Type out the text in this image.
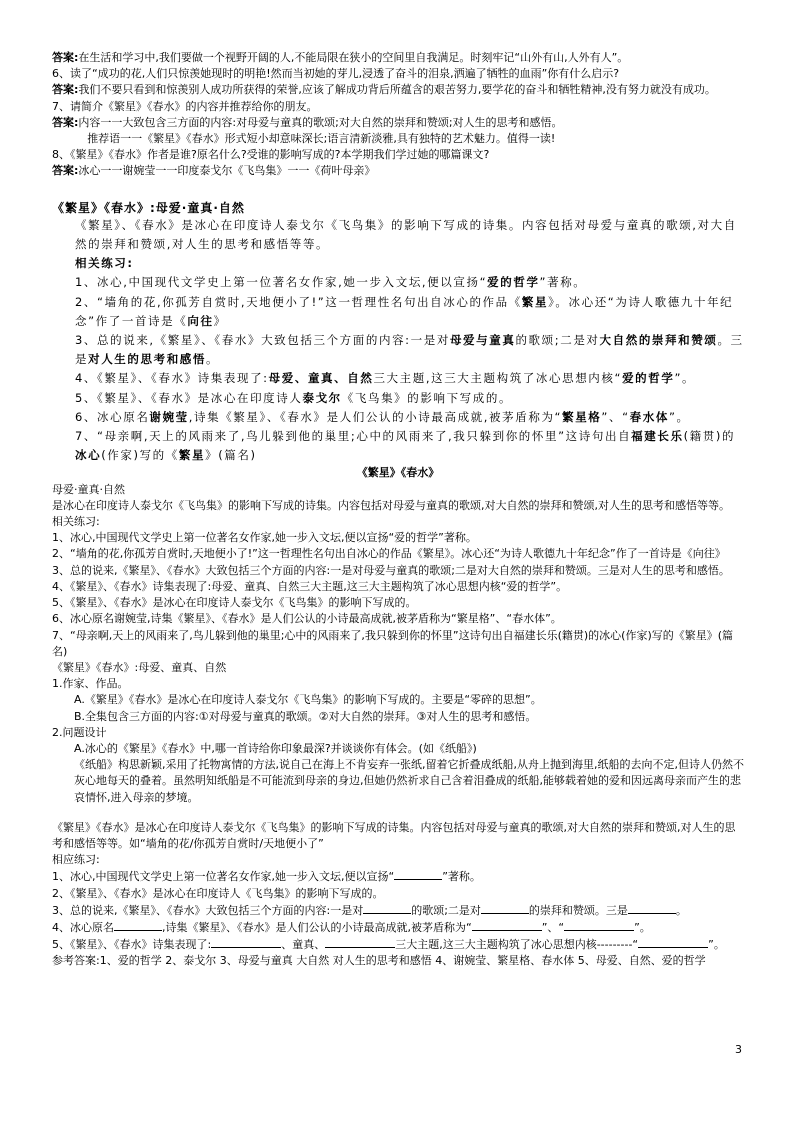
答案:在生活和学习中,我们要做一个视野开阔的人,不能局限在狭小的空间里自我满足。时刻牢记“山外有山,人外有人”。

6、读了“成功的花,人们只惊羡她现时的明艳!然而当初她的芽儿,浸透了奋斗的泪泉,洒遍了牺牲的血雨”你有什么启示?

答案:我们不要只看到和惊羡别人成功所获得的荣誉,应该了解成功背后所蕴含的艰苦努力,要学花的奋斗和牺牲精神,没有努力就没有成功。

7、请简介《繁星》《春水》的内容并推荐给你的朋友。

答案:内容一一大致包含三方面的内容:对母爱与童真的歌颂;对大自然的崇拜和赞颂;对人生的思考和感悟。

推荐语一一《繁星》《春水》形式短小却意味深长;语言清新淡雅,具有独特的艺术魅力。值得一读!

8、《繁星》《春水》作者是谁?原名什么?受谁的影响写成的?本学期我们学过她的哪篇课文?

答案:冰心一一谢婉莹一一印度泰戈尔《飞鸟集》一一《荷叶母亲》

《繁星》《春水》:母爱·童真·自然

《繁星》、《春水》是冰心在印度诗人泰戈尔《飞鸟集》的影响下写成的诗集。内容包括对母爱与童真的歌颂,对大自然的崇拜和赞颂,对人生的思考和感悟等等。

相关练习:

1、冰心,中国现代文学史上第一位著名女作家,她一步入文坛,便以宣扬“爱的哲学”著称。

2、“墙角的花,你孤芳自赏时,天地便小了!”这一哲理性名句出自冰心的作品《繁星》。冰心还“为诗人歌德九十年纪念”作了一首诗是《向往》

3、总的说来,《繁星》、《春水》大致包括三个方面的内容:一是对母爱与童真的歌颂;二是对大自然的崇拜和赞颂。三是对人生的思考和感悟。

4、《繁星》、《春水》诗集表现了:母爱、童真、自然三大主题,这三大主题构筑了冰心思想内核“爱的哲学”。

5、《繁星》、《春水》是冰心在印度诗人泰戈尔《飞鸟集》的影响下写成的。

6、冰心原名谢婉莹,诗集《繁星》、《春水》是人们公认的小诗最高成就,被茅盾称为“繁星格”、“春水体”。

7、“母亲啊,天上的风雨来了,鸟儿躲到他的巢里;心中的风雨来了,我只躲到你的怀里”这诗句出自福建长乐(籍贯)的冰心(作家)写的《繁星》(篇名)

《繁星》《春水》

母爱·童真·自然

是冰心在印度诗人泰戈尔《飞鸟集》的影响下写成的诗集。内容包括对母爱与童真的歌颂,对大自然的崇拜和赞颂,对人生的思考和感悟等等。

相关练习:

1、冰心,中国现代文学史上第一位著名女作家,她一步入文坛,便以宣扬“爱的哲学”著称。

2、“墙角的花,你孤芳自赏时,天地便小了!”这一哲理性名句出自冰心的作品《繁星》。冰心还“为诗人歌德九十年纪念”作了一首诗是《向往》

3、总的说来,《繁星》、《春水》大致包括三个方面的内容:一是对母爱与童真的歌颂;二是对大自然的崇拜和赞颂。三是对人生的思考和感悟。

4、《繁星》、《春水》诗集表现了:母爱、童真、自然三大主题,这三大主题构筑了冰心思想内核“爱的哲学”。

5、《繁星》、《春水》是冰心在印度诗人泰戈尔《飞鸟集》的影响下写成的。

6、冰心原名谢婉莹,诗集《繁星》、《春水》是人们公认的小诗最高成就,被茅盾称为“繁星格”、“春水体”。

7、“母亲啊,天上的风雨来了,鸟儿躲到他的巢里;心中的风雨来了,我只躲到你的怀里”这诗句出自福建长乐(籍贯)的冰心(作家)写的《繁星》(篇名)

《繁星》《春水》:母爱、童真、自然

1.作家、作品。

A.《繁星》《春水》是冰心在印度诗人泰戈尔《飞鸟集》的影响下写成的。主要是“零碎的思想”。

B.全集包含三方面的内容:①对母爱与童真的歌颂。②对大自然的崇拜。③对人生的思考和感悟。

2.问题设计

A.冰心的《繁星》《春水》中,哪一首诗给你印象最深?并谈谈你有体会。(如《纸船》)

《纸船》构思新颖,采用了托物寓情的方法,说自己在海上不肯妄弃一张纸,留着它折叠成纸船,从舟上抛到海里,纸船的去向不定,但诗人仍然不灰心地每天的叠着。虽然明知纸船是不可能流到母亲的身边,但她仍然祈求自己含着泪叠成的纸船,能够载着她的爱和因远离母亲而产生的悲哀情怀,进入母亲的梦境。

《繁星》《春水》是冰心在印度诗人泰戈尔《飞鸟集》的影响下写成的诗集。内容包括对母爱与童真的歌颂,对大自然的崇拜和赞颂,对人生的思考和感悟等等。如“墙角的花/你孤芳自赏时/天地便小了”

相应练习:

1、冰心,中国现代文学史上第一位著名女作家,她一步入文坛,便以宣扬“	”著称。

2、《繁星》、《春水》是冰心在印度诗人《飞鸟集》的影响下写成的。

3、总的说来,《繁星》、《春水》大致包括三个方面的内容:一是对	的歌颂;二是对	的崇拜和赞颂。三是	。

4、冰心原名	,诗集《繁星》、《春水》是人们公认的小诗最高成就,被茅盾称为“	”、“	”。

5、《繁星》、《春水》诗集表现了:	、童真、	三大主题,这三大主题构筑了冰心思想内核---------“	”。

参考答案:1、爱的哲学 2、泰戈尔 3、母爱与童真 大自然 对人生的思考和感悟 4、谢婉莹、繁星格、春水体 5、母爱、自然、爱的哲学

3
